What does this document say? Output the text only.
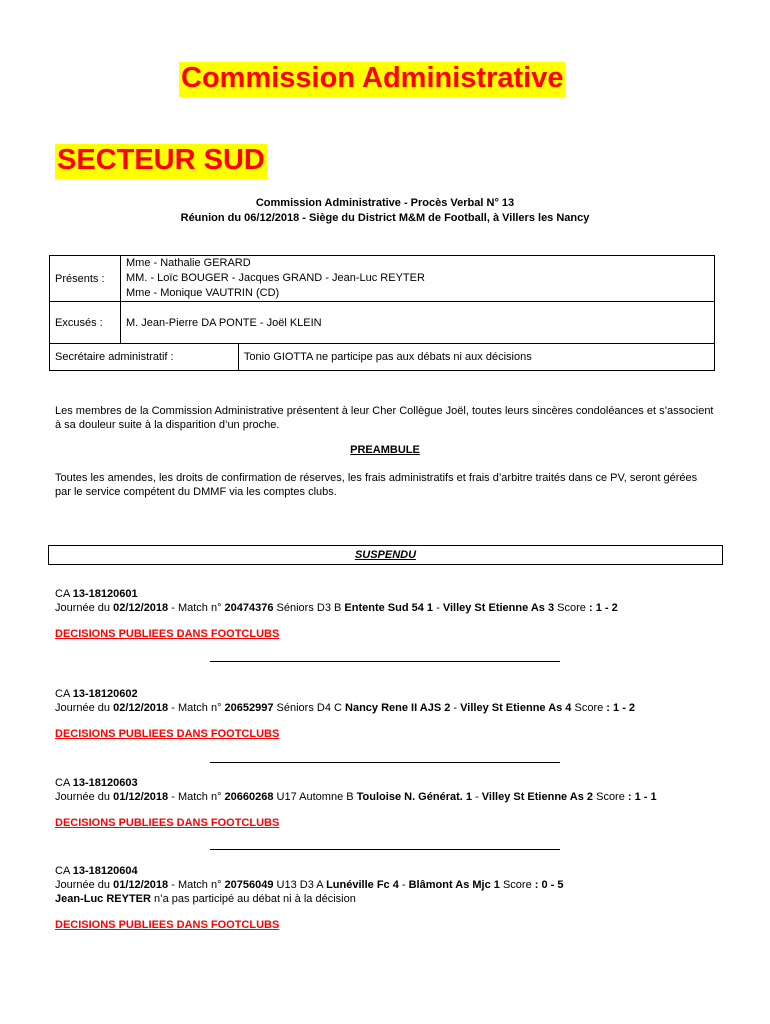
Commission Administrative
SECTEUR SUD
Commission Administrative - Procès Verbal N° 13
Réunion du 06/12/2018 - Siège du District M&M de Football, à Villers les Nancy
Présents :	Mme - Nathalie GERARD
MM. - Loïc BOUGER - Jacques GRAND - Jean-Luc REYTER
Mme - Monique VAUTRIN (CD)	

Excusés :	M. Jean-Pierre DA PONTE - Joël KLEIN	
Secrétaire administratif :		Tonio GIOTTA ne participe pas aux débats ni aux décisions
Les membres de la Commission Administrative présentent à leur Cher Collègue Joël, toutes leurs sincères condoléances et s’associent à sa douleur suite à la disparition d’un proche.
PREAMBULE
Toutes les amendes, les droits de confirmation de réserves, les frais administratifs et frais d’arbitre traités dans ce PV, seront gérées par le service compétent du DMMF via les comptes clubs.
SUSPENDU
CA 13-18120601
Journée du 02/12/2018 - Match n° 20474376 Séniors D3 B Entente Sud 54 1 - Villey St Etienne As 3 Score : 1 - 2
DECISIONS PUBLIEES DANS FOOTCLUBS
CA 13-18120602
Journée du 02/12/2018 - Match n° 20652997 Séniors D4 C Nancy Rene II AJS 2 - Villey St Etienne As 4 Score : 1 - 2
DECISIONS PUBLIEES DANS FOOTCLUBS
CA 13-18120603
Journée du 01/12/2018 - Match n° 20660268 U17 Automne B Touloise N. Générat. 1 - Villey St Etienne As 2 Score : 1 - 1
DECISIONS PUBLIEES DANS FOOTCLUBS
CA 13-18120604
Journée du 01/12/2018 - Match n° 20756049 U13 D3 A Lunéville Fc 4 - Blâmont As Mjc 1 Score : 0 - 5
Jean-Luc REYTER n’a pas participé au débat ni à la décision
DECISIONS PUBLIEES DANS FOOTCLUBS
